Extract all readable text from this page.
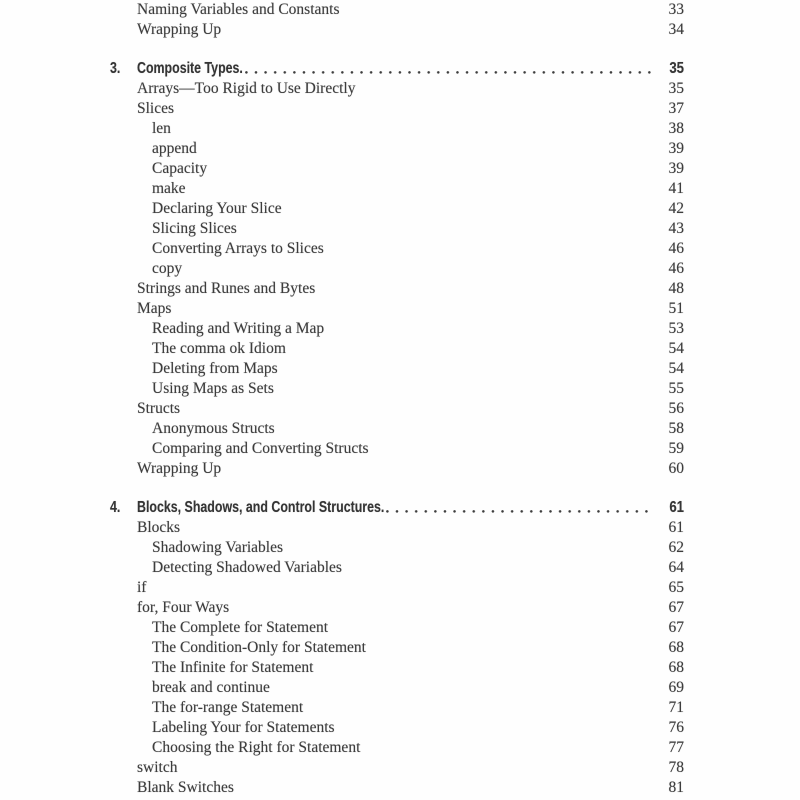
Naming Variables and Constants	33
Wrapping Up	34
3.	Composite Types.	35
Arrays—Too Rigid to Use Directly	35
Slices	37
len	38
append	39
Capacity	39
make	41
Declaring Your Slice	42
Slicing Slices	43
Converting Arrays to Slices	46
copy	46
Strings and Runes and Bytes	48
Maps	51
Reading and Writing a Map	53
The comma ok Idiom	54
Deleting from Maps	54
Using Maps as Sets	55
Structs	56
Anonymous Structs	58
Comparing and Converting Structs	59
Wrapping Up	60
4.	Blocks, Shadows, and Control Structures.	61
Blocks	61
Shadowing Variables	62
Detecting Shadowed Variables	64
if	65
for, Four Ways	67
The Complete for Statement	67
The Condition-Only for Statement	68
The Infinite for Statement	68
break and continue	69
The for-range Statement	71
Labeling Your for Statements	76
Choosing the Right for Statement	77
switch	78
Blank Switches	81
